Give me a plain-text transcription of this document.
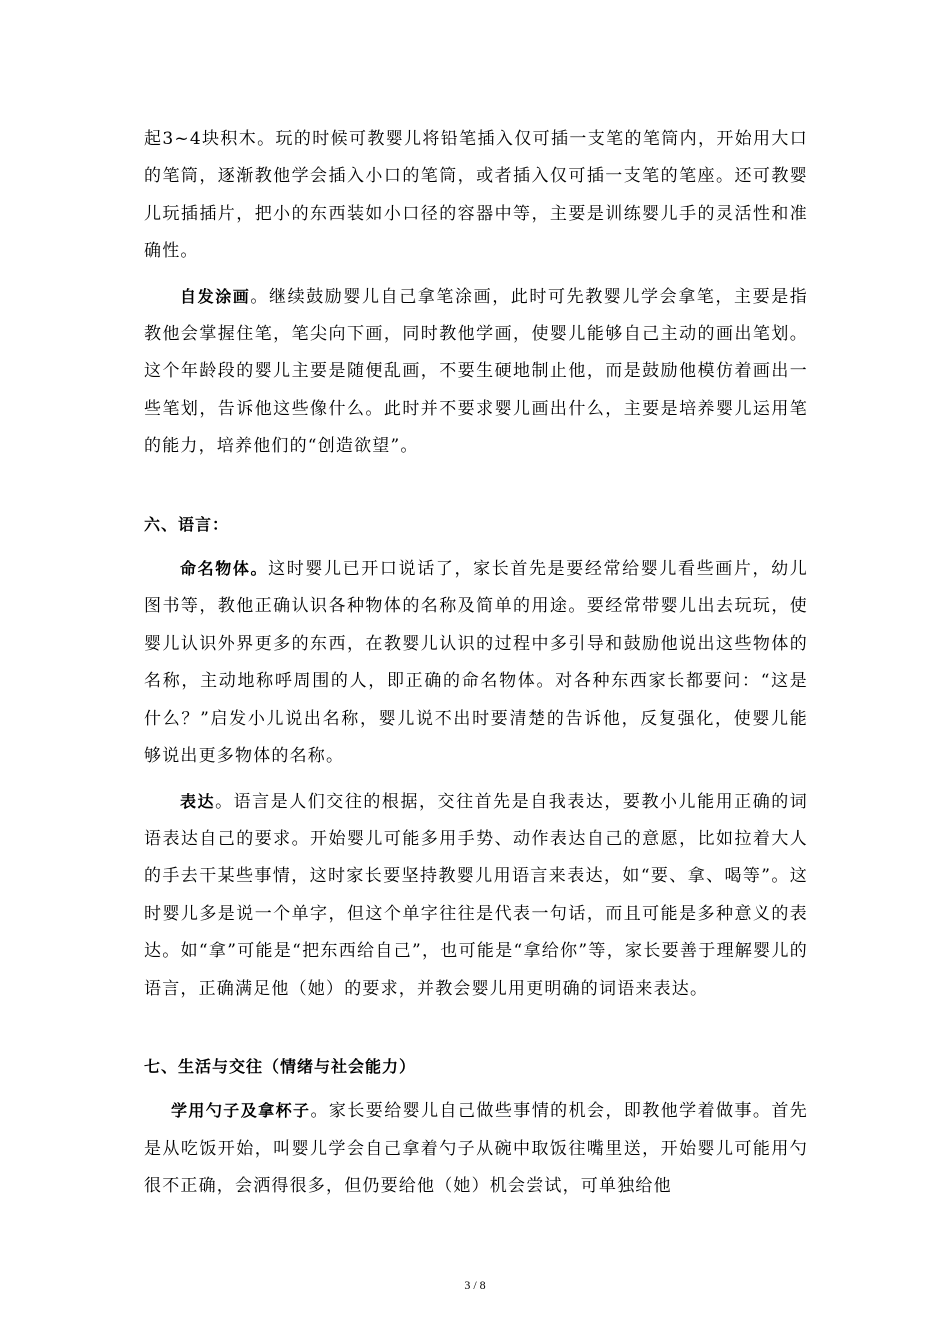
起3~4块积木。玩的时候可教婴儿将铅笔插入仅可插一支笔的笔筒内，开始用大口的笔筒，逐渐教他学会插入小口的笔筒，或者插入仅可插一支笔的笔座。还可教婴儿玩插插片，把小的东西装如小口径的容器中等，主要是训练婴儿手的灵活性和准确性。

自发涂画。继续鼓励婴儿自己拿笔涂画，此时可先教婴儿学会拿笔，主要是指教他会掌握住笔，笔尖向下画，同时教他学画，使婴儿能够自己主动的画出笔划。这个年龄段的婴儿主要是随便乱画，不要生硬地制止他，而是鼓励他模仿着画出一些笔划，告诉他这些像什么。此时并不要求婴儿画出什么，主要是培养婴儿运用笔的能力，培养他们的“创造欲望”。

六、语言：

命名物体。这时婴儿已开口说话了，家长首先是要经常给婴儿看些画片，幼儿图书等，教他正确认识各种物体的名称及简单的用途。要经常带婴儿出去玩玩，使婴儿认识外界更多的东西，在教婴儿认识的过程中多引导和鼓励他说出这些物体的名称，主动地称呼周围的人，即正确的命名物体。对各种东西家长都要问：“这是什么？”启发小儿说出名称，婴儿说不出时要清楚的告诉他，反复强化，使婴儿能够说出更多物体的名称。

表达。语言是人们交往的根据，交往首先是自我表达，要教小儿能用正确的词语表达自己的要求。开始婴儿可能多用手势、动作表达自己的意愿，比如拉着大人的手去干某些事情，这时家长要坚持教婴儿用语言来表达，如“要、拿、喝等”。这时婴儿多是说一个单字，但这个单字往往是代表一句话，而且可能是多种意义的表达。如“拿”可能是“把东西给自己”，也可能是“拿给你”等，家长要善于理解婴儿的语言，正确满足他（她）的要求，并教会婴儿用更明确的词语来表达。

七、生活与交往（情绪与社会能力）

学用勺子及拿杯子。家长要给婴儿自己做些事情的机会，即教他学着做事。首先是从吃饭开始，叫婴儿学会自己拿着勺子从碗中取饭往嘴里送，开始婴儿可能用勺很不正确，会洒得很多，但仍要给他（她）机会尝试，可单独给他

3 / 8
